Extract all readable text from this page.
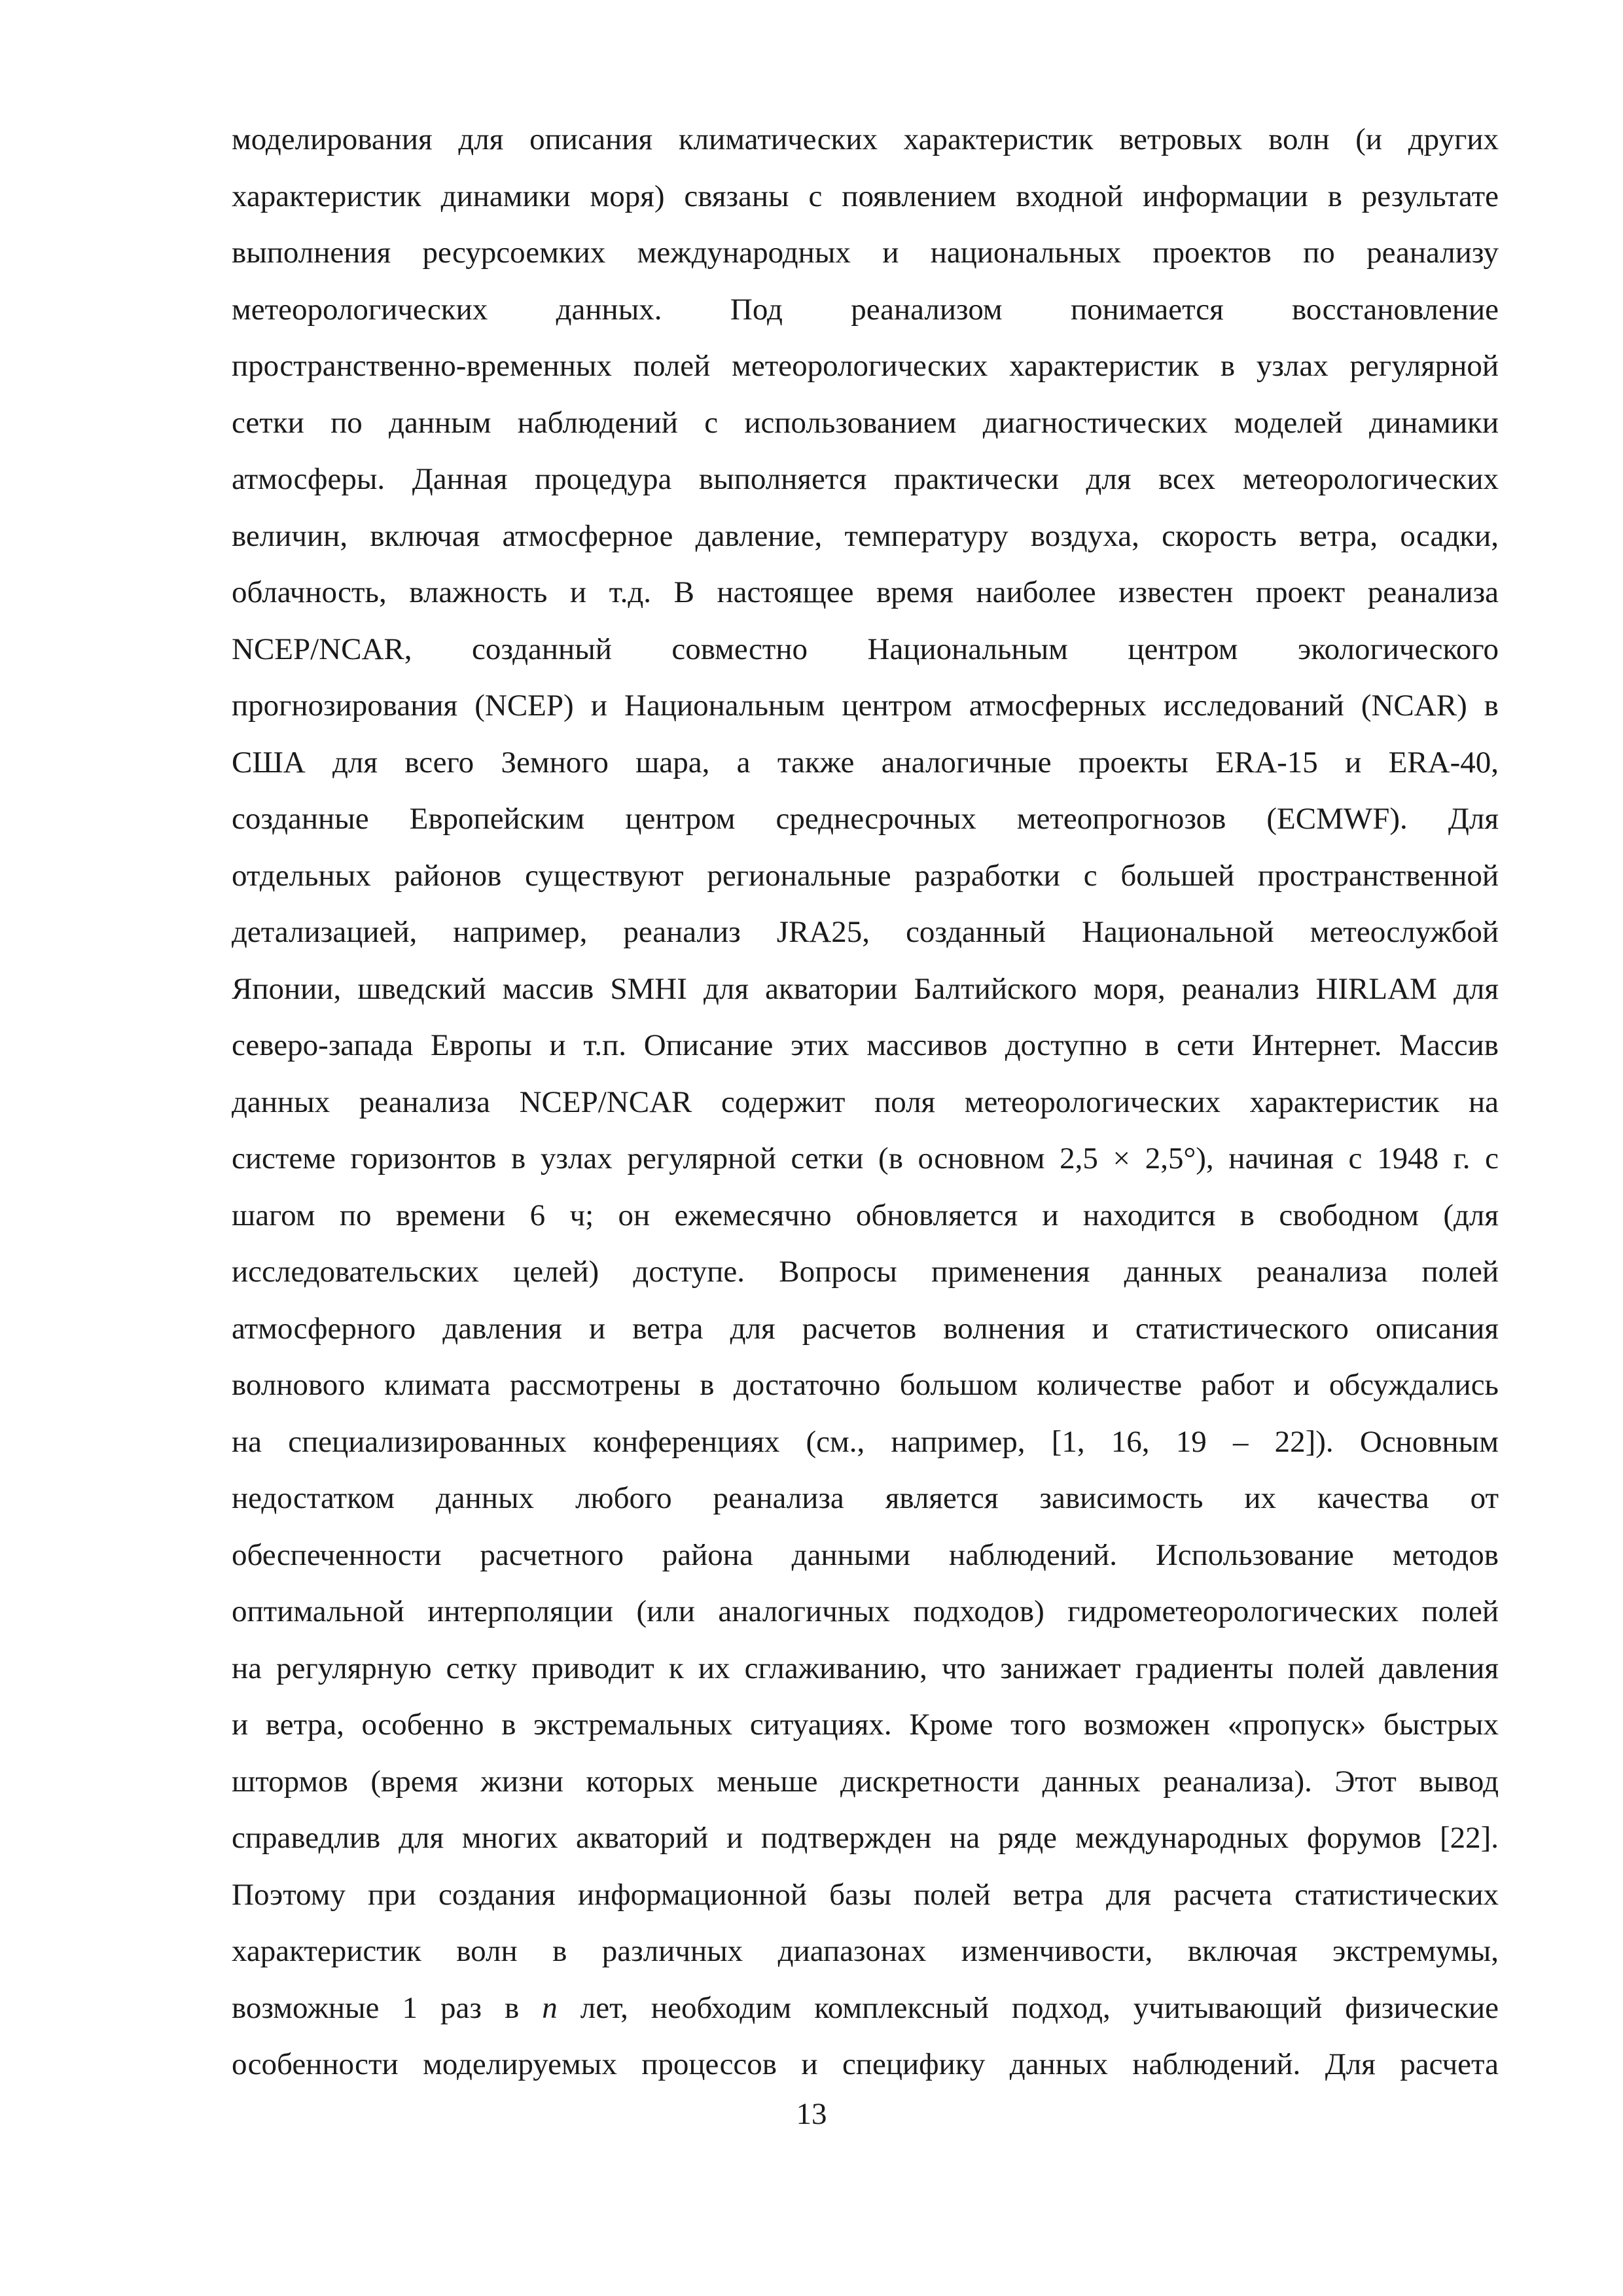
моделирования для описания климатических характеристик ветровых волн (и других
характеристик динамики моря) связаны с появлением входной информации в результате
выполнения ресурсоемких международных и национальных проектов по реанализу
метеорологических данных. Под реанализом понимается восстановление
пространственно-временных полей метеорологических характеристик в узлах регулярной
сетки по данным наблюдений с использованием диагностических моделей динамики
атмосферы. Данная процедура выполняется практически для всех метеорологических
величин, включая атмосферное давление, температуру воздуха, скорость ветра, осадки,
облачность, влажность и т.д. В настоящее время наиболее известен проект реанализа
NCEP/NCAR, созданный совместно Национальным центром экологического
прогнозирования (NCEP) и Национальным центром атмосферных исследований (NCAR) в
США для всего Земного шара, а также аналогичные проекты ERA-15 и ERA-40,
созданные Европейским центром среднесрочных метеопрогнозов (ECMWF). Для
отдельных районов существуют региональные разработки с большей пространственной
детализацией, например, реанализ JRA25, созданный Национальной метеослужбой
Японии, шведский массив SMHI для акватории Балтийского моря, реанализ HIRLAM для
северо-запада Европы и т.п. Описание этих массивов доступно в сети Интернет. Массив
данных реанализа NCEP/NCAR содержит поля метеорологических характеристик на
системе горизонтов в узлах регулярной сетки (в основном 2,5 × 2,5°), начиная с 1948 г. с
шагом по времени 6 ч; он ежемесячно обновляется и находится в свободном (для
исследовательских целей) доступе. Вопросы применения данных реанализа полей
атмосферного давления и ветра для расчетов волнения и статистического описания
волнового климата рассмотрены в достаточно большом количестве работ и обсуждались
на специализированных конференциях (см., например, [1, 16, 19 – 22]). Основным
недостатком данных любого реанализа является зависимость их качества от
обеспеченности расчетного района данными наблюдений. Использование методов
оптимальной интерполяции (или аналогичных подходов) гидрометеорологических полей
на регулярную сетку приводит к их сглаживанию, что занижает градиенты полей давления
и ветра, особенно в экстремальных ситуациях. Кроме того возможен «пропуск» быстрых
штормов (время жизни которых меньше дискретности данных реанализа). Этот вывод
справедлив для многих акваторий и подтвержден на ряде международных форумов [22].
Поэтому при создания информационной базы полей ветра для расчета статистических
характеристик волн в различных диапазонах изменчивости, включая экстремумы,
возможные 1 раз в n лет, необходим комплексный подход, учитывающий физические
особенности моделируемых процессов и специфику данных наблюдений. Для расчета
13
